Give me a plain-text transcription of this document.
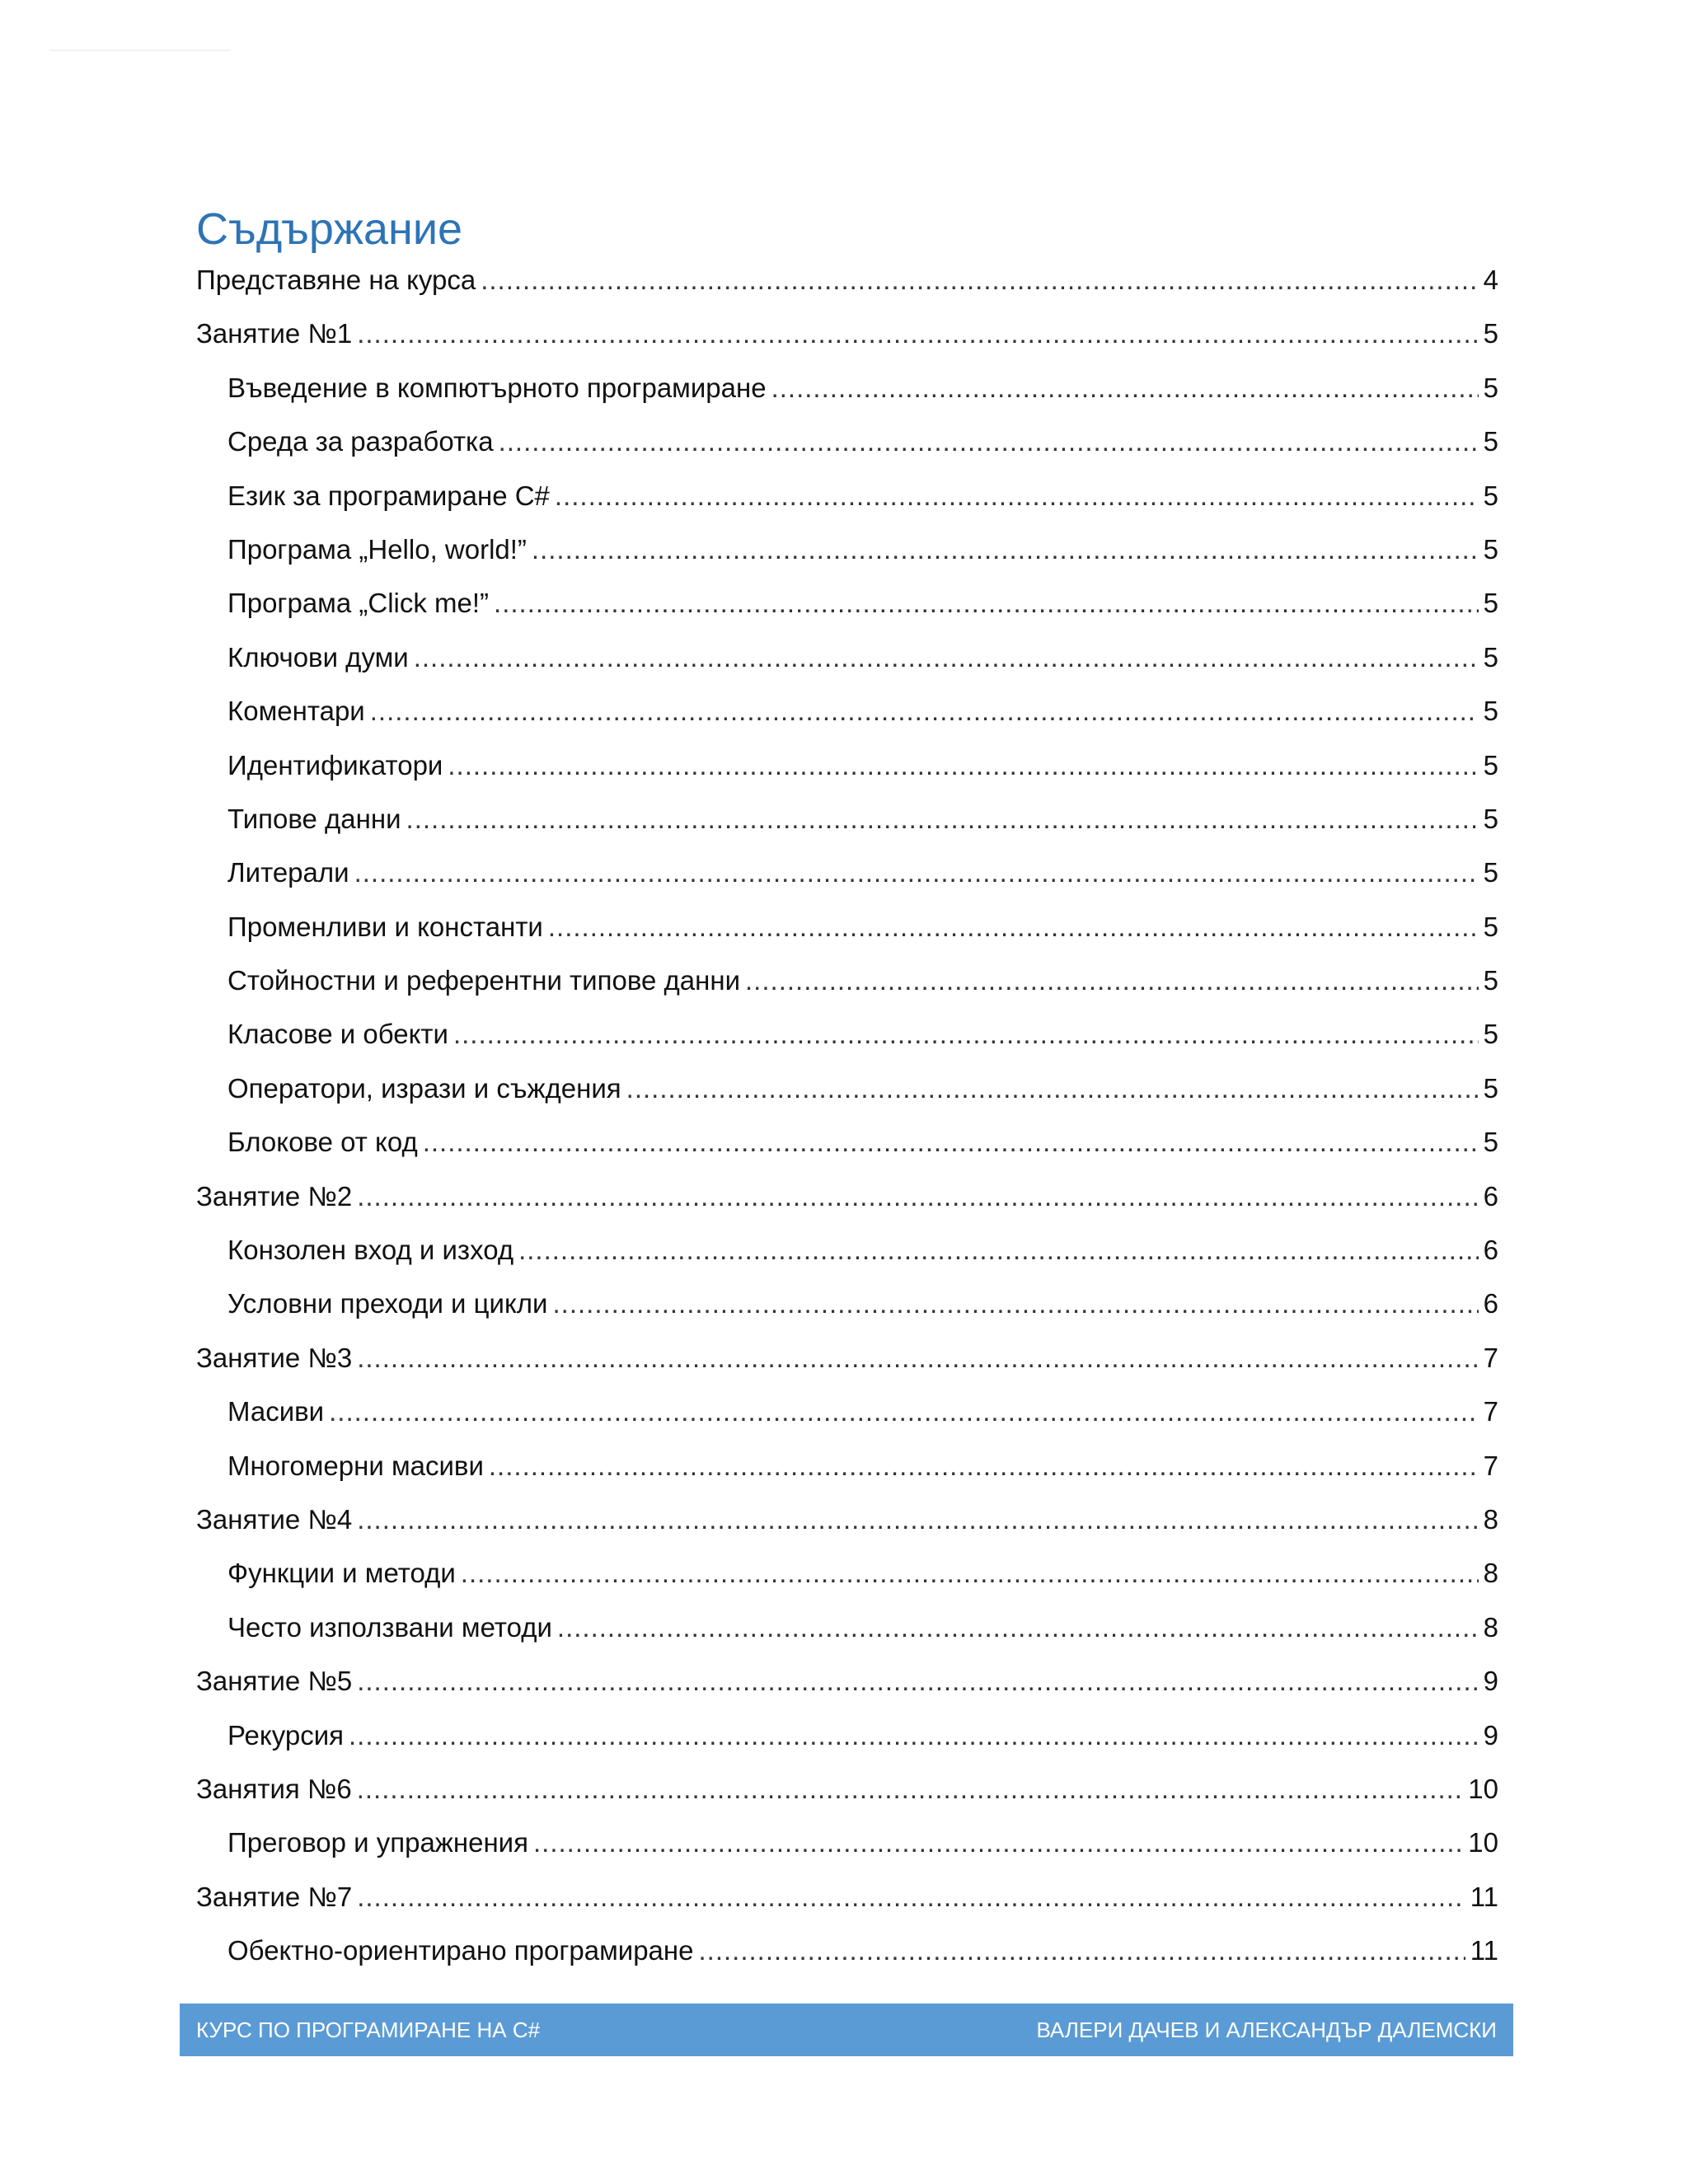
Съдържание
Представяне на курса .....	4
Занятие №1 .....	5
Въведение в компютърното програмиране .....	5
Среда за разработка .....	5
Език за програмиране C# .....	5
Програма „Hello, world!” .....	5
Програма „Click me!” .....	5
Ключови думи .....	5
Коментари .....	5
Идентификатори .....	5
Типове данни .....	5
Литерали .....	5
Променливи и константи .....	5
Стойностни и референтни типове данни .....	5
Класове и обекти .....	5
Оператори, изрази и съждения .....	5
Блокове от код .....	5
Занятие №2 .....	6
Конзолен вход и изход .....	6
Условни преходи и цикли .....	6
Занятие №3 .....	7
Масиви .....	7
Многомерни масиви .....	7
Занятие №4 .....	8
Функции и методи .....	8
Често използвани методи .....	8
Занятие №5 .....	9
Рекурсия .....	9
Занятия №6 .....	10
Преговор и упражнения .....	10
Занятие №7 .....	11
Обектно-ориентирано програмиране .....	11
КУРС ПО ПРОГРАМИРАНЕ НА C#	ВАЛЕРИ ДАЧЕВ И АЛЕКСАНДЪР ДАЛЕМСКИ
